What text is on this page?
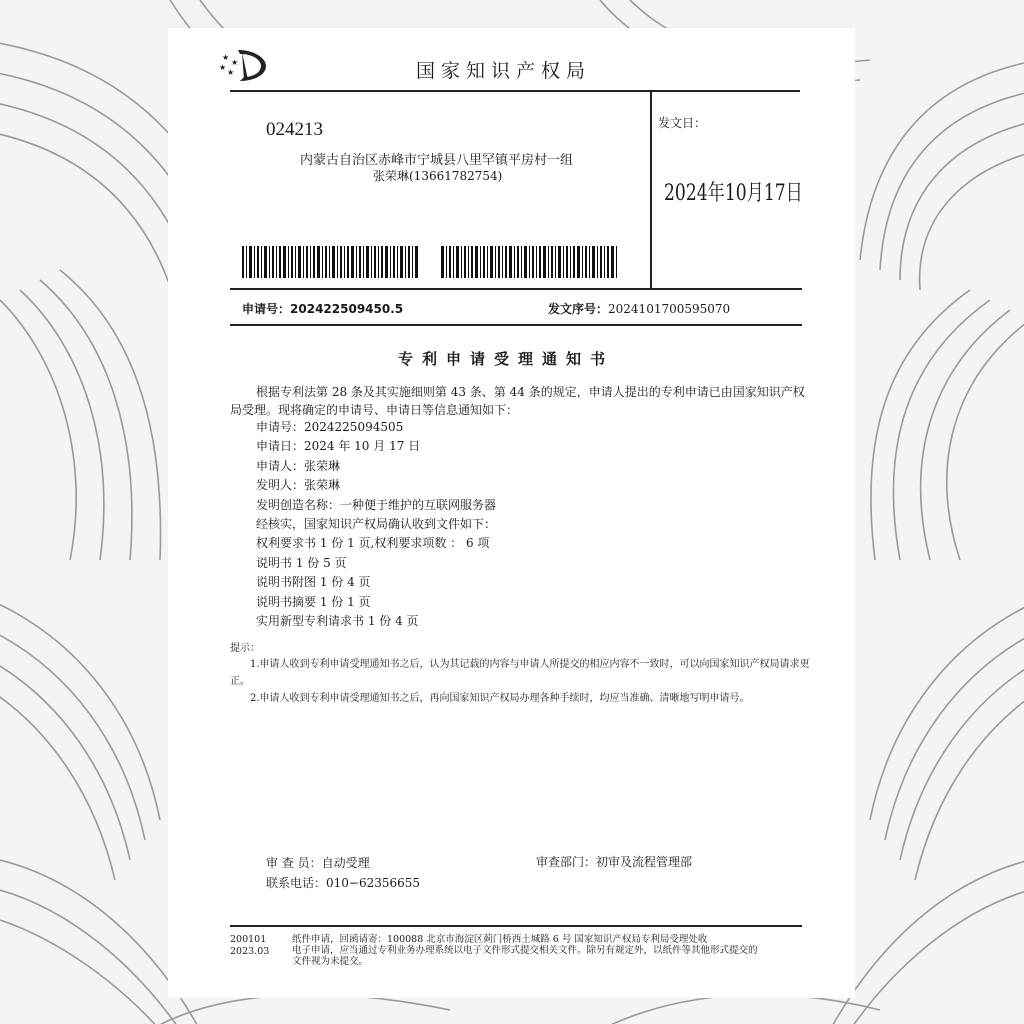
★
★
★
★	国家知识产权局
024213
内蒙古自治区赤峰市宁城县八里罕镇平房村一组
张荣琳(13661782754)
发文日：
2024年10月17日
申请号：202422509450.5	发文序号：2024101700595070
专利申请受理通知书
根据专利法第 28 条及其实施细则第 43 条、第 44 条的规定，申请人提出的专利申请已由国家知识产权局受理。现将确定的申请号、申请日等信息通知如下：
申请号：2024225094505
申请日：2024 年 10 月 17 日
申请人：张荣琳
发明人：张荣琳
发明创造名称：一种便于维护的互联网服务器
经核实，国家知识产权局确认收到文件如下：
权利要求书 1 份 1 页,权利要求项数 ： 6 项
说明书 1 份 5 页
说明书附图 1 份 4 页
说明书摘要 1 份 1 页
实用新型专利请求书 1 份 4 页
提示：
1.申请人收到专利申请受理通知书之后，认为其记载的内容与申请人所提交的相应内容不一致时，可以向国家知识产权局请求更正。
2.申请人收到专利申请受理通知书之后，再向国家知识产权局办理各种手续时，均应当准确、清晰地写明申请号。
审 查 员：自动受理
联系电话：010−62356655
审查部门：初审及流程管理部
200101
2023.03
纸件申请，回函请寄：100088 北京市海淀区蓟门桥西土城路 6 号 国家知识产权局专利局受理处收
电子申请，应当通过专利业务办理系统以电子文件形式提交相关文件。除另有规定外，以纸件等其他形式提交的
文件视为未提交。
